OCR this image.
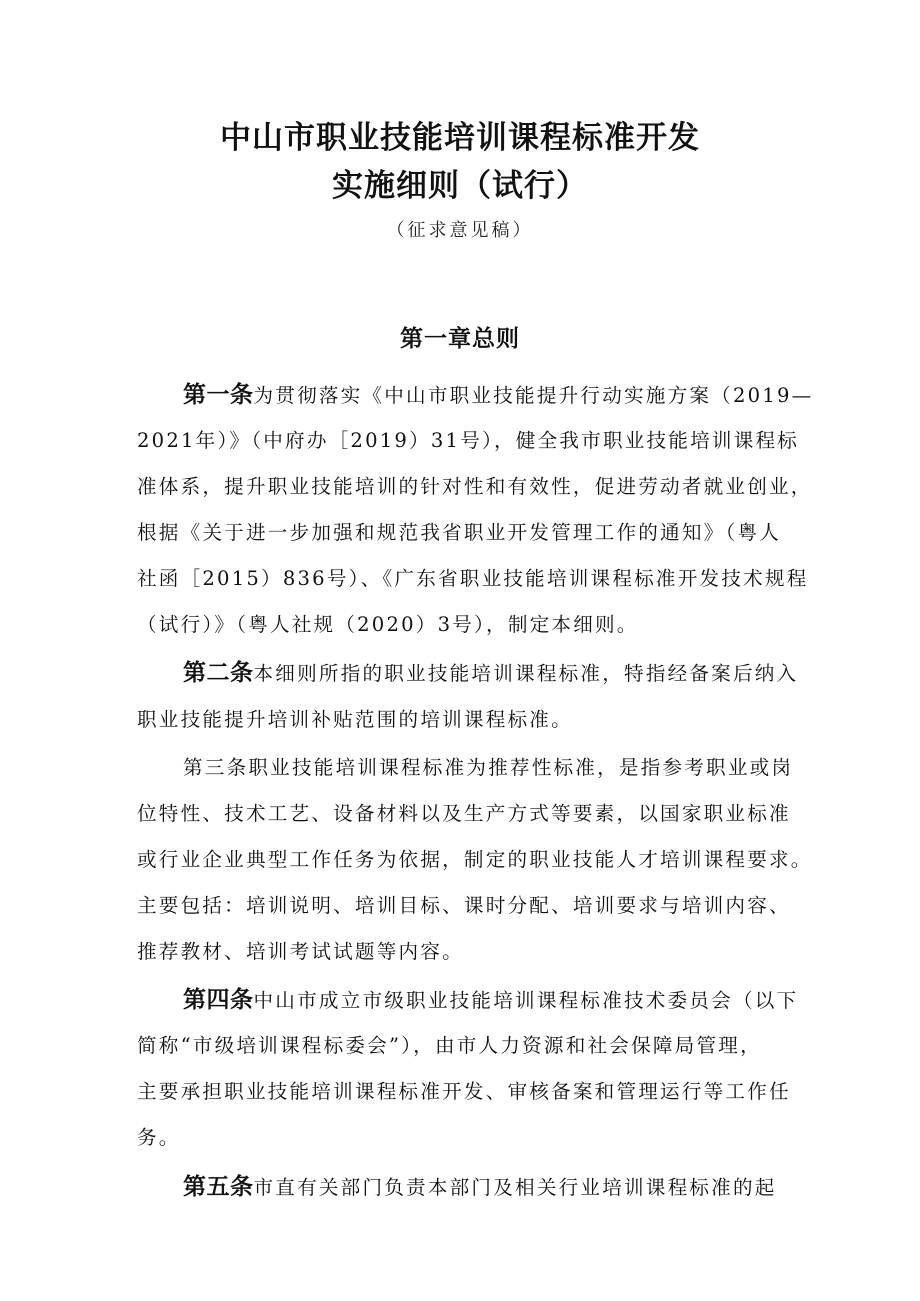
中山市职业技能培训课程标准开发
实施细则（试行）
（征求意见稿）
第一章总则
第一条为贯彻落实《中山市职业技能提升行动实施方案（2019—
2021年）》（中府办［2019）31号），健全我市职业技能培训课程标
准体系，提升职业技能培训的针对性和有效性，促进劳动者就业创业，
根据《关于进一步加强和规范我省职业开发管理工作的通知》（粤人
社函［2015）836号）、《广东省职业技能培训课程标准开发技术规程
（试行）》（粤人社规（2020）3号），制定本细则。
第二条本细则所指的职业技能培训课程标准，特指经备案后纳入
职业技能提升培训补贴范围的培训课程标准。
第三条职业技能培训课程标准为推荐性标准，是指参考职业或岗
位特性、技术工艺、设备材料以及生产方式等要素，以国家职业标准
或行业企业典型工作任务为依据，制定的职业技能人才培训课程要求。
主要包括：培训说明、培训目标、课时分配、培训要求与培训内容、
推荐教材、培训考试试题等内容。
第四条中山市成立市级职业技能培训课程标准技术委员会（以下
简称“市级培训课程标委会”），由市人力资源和社会保障局管理，
主要承担职业技能培训课程标准开发、审核备案和管理运行等工作任
务。
第五条市直有关部门负责本部门及相关行业培训课程标准的起
